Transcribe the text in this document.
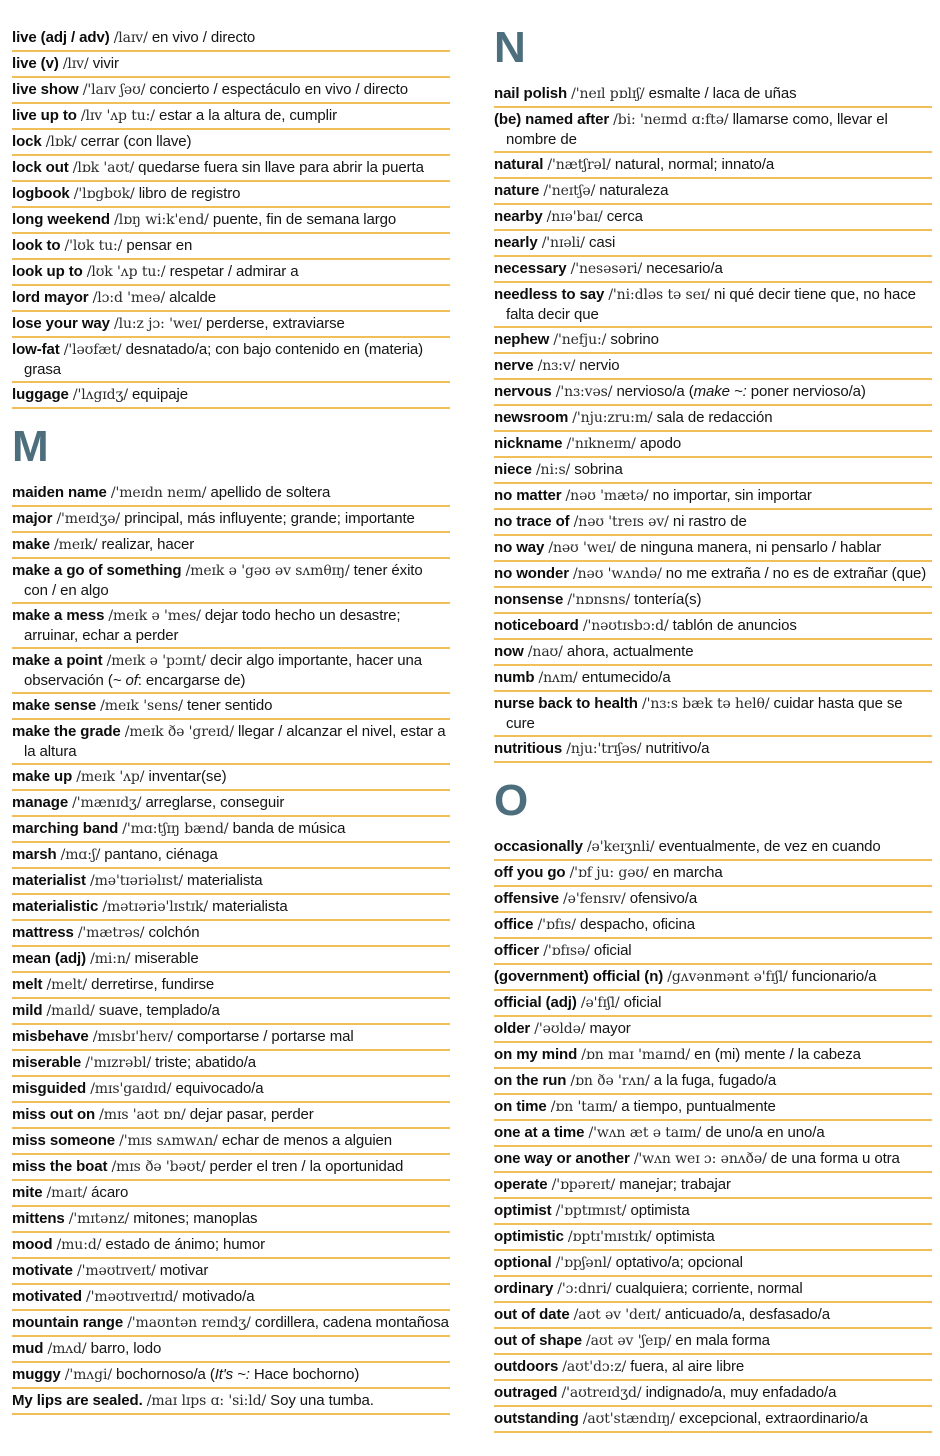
live (adj / adv) /laɪv/ en vivo / directo
live (v) /lɪv/ vivir
live show /'laɪv ʃəʊ/ concierto / espectáculo en vivo / directo
live up to /lɪv 'ʌp tu:/ estar a la altura de, cumplir
lock /lɒk/ cerrar (con llave)
lock out /lɒk 'aʊt/ quedarse fuera sin llave para abrir la puerta
logbook /'lɒgbʊk/ libro de registro
long weekend /lɒŋ wi:k'end/ puente, fin de semana largo
look to /'lʊk tu:/ pensar en
look up to /lʊk 'ʌp tu:/ respetar / admirar a
lord mayor /lɔ:d 'meə/ alcalde
lose your way /lu:z jɔ: 'weɪ/ perderse, extraviarse
low-fat /'ləʊfæt/ desnatado/a; con bajo contenido en (materia) grasa
luggage /'lʌgɪdʒ/ equipaje
M
maiden name /'meɪdn neɪm/ apellido de soltera
major /'meɪdʒə/ principal, más influyente; grande; importante
make /meɪk/ realizar, hacer
make a go of something /meɪk ə 'gəʊ əv sʌmθɪŋ/ tener éxito con / en algo
make a mess /meɪk ə 'mes/ dejar todo hecho un desastre; arruinar, echar a perder
make a point /meɪk ə 'pɔɪnt/ decir algo importante, hacer una observación (~ of: encargarse de)
make sense /meɪk 'sens/ tener sentido
make the grade /meɪk ðə 'greɪd/ llegar / alcanzar el nivel, estar a la altura
make up /meɪk 'ʌp/ inventar(se)
manage /'mænɪdʒ/ arreglarse, conseguir
marching band /'mɑ:tʃɪŋ bænd/ banda de música
marsh /mɑ:ʃ/ pantano, ciénaga
materialist /mə'tɪəriəlɪst/ materialista
materialistic /mətɪəriə'lɪstɪk/ materialista
mattress /'mætrəs/ colchón
mean (adj) /mi:n/ miserable
melt /melt/ derretirse, fundirse
mild /maɪld/ suave, templado/a
misbehave /mɪsbɪ'heɪv/ comportarse / portarse mal
miserable /'mɪzrəbl/ triste; abatido/a
misguided /mɪs'gaɪdɪd/ equivocado/a
miss out on /mɪs 'aʊt ɒn/ dejar pasar, perder
miss someone /'mɪs sʌmwʌn/ echar de menos a alguien
miss the boat /mɪs ðə 'bəʊt/ perder el tren / la oportunidad
mite /maɪt/ ácaro
mittens /'mɪtənz/ mitones; manoplas
mood /mu:d/ estado de ánimo; humor
motivate /'məʊtɪveɪt/ motivar
motivated /'məʊtɪveɪtɪd/ motivado/a
mountain range /'maʊntən reɪndʒ/ cordillera, cadena montañosa
mud /mʌd/ barro, lodo
muggy /'mʌgi/ bochornoso/a (It's ~: Hace bochorno)
My lips are sealed. /maɪ lɪps ɑ: 'si:ld/ Soy una tumba.
N
nail polish /'neɪl pɒlɪʃ/ esmalte / laca de uñas
(be) named after /bi: 'neɪmd ɑ:ftə/ llamarse como, llevar el nombre de
natural /'nætʃrəl/ natural, normal; innato/a
nature /'neɪtʃə/ naturaleza
nearby /nɪə'baɪ/ cerca
nearly /'nɪəli/ casi
necessary /'nesəsəri/ necesario/a
needless to say /'ni:dləs tə seɪ/ ni qué decir tiene que, no hace falta decir que
nephew /'nefju:/ sobrino
nerve /nɜ:v/ nervio
nervous /'nɜ:vəs/ nervioso/a (make ~: poner nervioso/a)
newsroom /'nju:zru:m/ sala de redacción
nickname /'nɪkneɪm/ apodo
niece /ni:s/ sobrina
no matter /nəʊ 'mætə/ no importar, sin importar
no trace of /nəʊ 'treɪs əv/ ni rastro de
no way /nəʊ 'weɪ/ de ninguna manera, ni pensarlo / hablar
no wonder /nəʊ 'wʌndə/ no me extraña / no es de extrañar (que)
nonsense /'nɒnsns/ tontería(s)
noticeboard /'nəʊtɪsbɔ:d/ tablón de anuncios
now /naʊ/ ahora, actualmente
numb /nʌm/ entumecido/a
nurse back to health /'nɜ:s bæk tə helθ/ cuidar hasta que se cure
nutritious /nju:'trɪʃəs/ nutritivo/a
O
occasionally /ə'keɪʒnli/ eventualmente, de vez en cuando
off you go /'ɒf ju: gəʊ/ en marcha
offensive /ə'fensɪv/ ofensivo/a
office /'ɒfɪs/ despacho, oficina
officer /'ɒfɪsə/ oficial
(government) official (n) /gʌvənmənt ə'fɪʃl/ funcionario/a
official (adj) /ə'fɪʃl/ oficial
older /'əʊldə/ mayor
on my mind /ɒn maɪ 'maɪnd/ en (mi) mente / la cabeza
on the run /ɒn ðə 'rʌn/ a la fuga, fugado/a
on time /ɒn 'taɪm/ a tiempo, puntualmente
one at a time /'wʌn æt ə taɪm/ de uno/a en uno/a
one way or another /'wʌn weɪ ɔ: ənʌðə/ de una forma u otra
operate /'ɒpəreɪt/ manejar; trabajar
optimist /'ɒptɪmɪst/ optimista
optimistic /ɒptɪ'mɪstɪk/ optimista
optional /'ɒpʃənl/ optativo/a; opcional
ordinary /'ɔ:dnri/ cualquiera; corriente, normal
out of date /aʊt əv 'deɪt/ anticuado/a, desfasado/a
out of shape /aʊt əv 'ʃeɪp/ en mala forma
outdoors /aʊt'dɔ:z/ fuera, al aire libre
outraged /'aʊtreɪdʒd/ indignado/a, muy enfadado/a
outstanding /aʊt'stændɪŋ/ excepcional, extraordinario/a
